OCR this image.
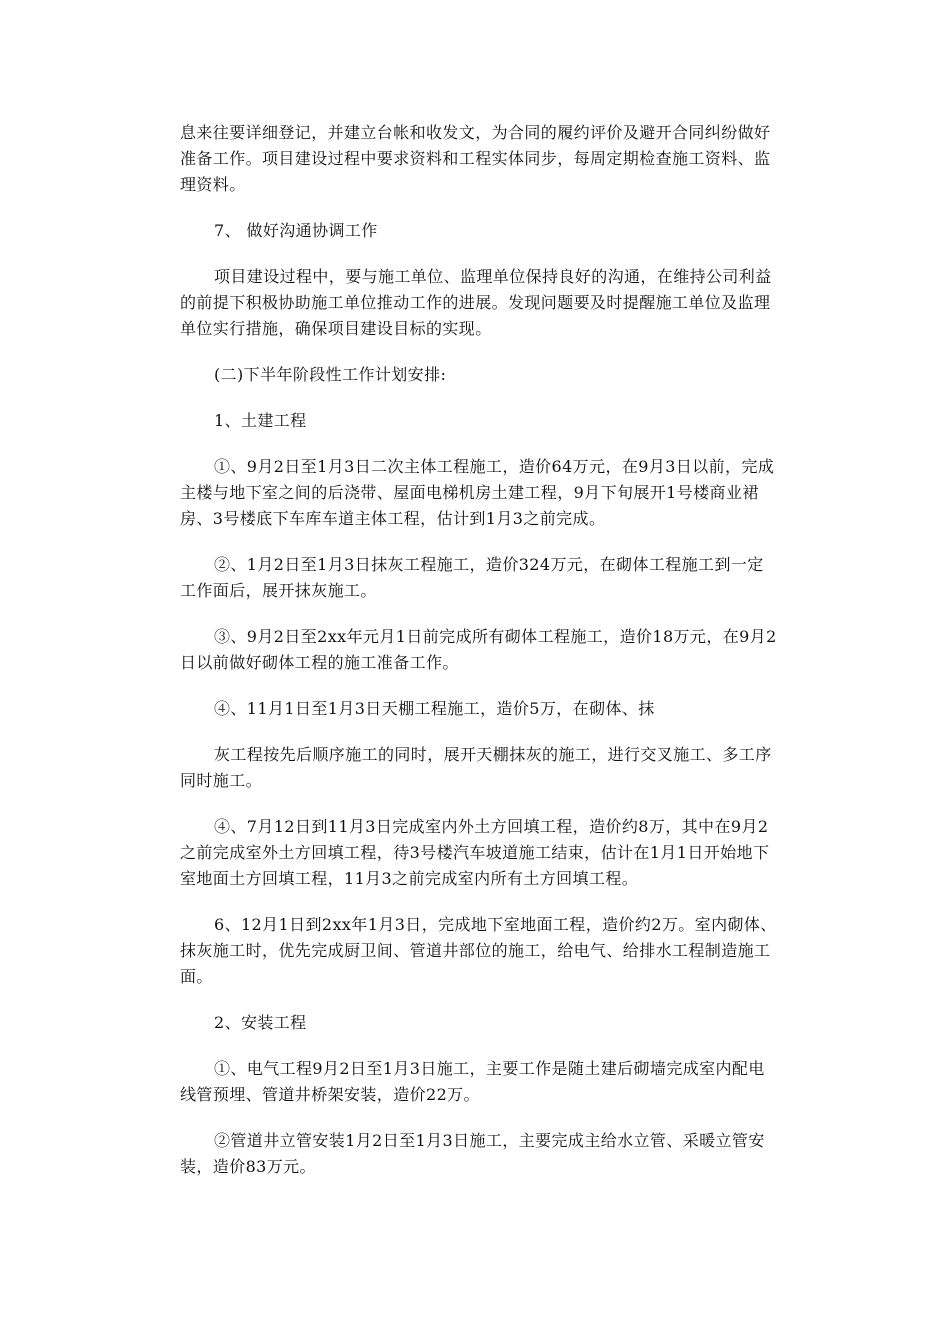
息来往要详细登记，并建立台帐和收发文，为合同的履约评价及避开合同纠纷做好准备工作。项目建设过程中要求资料和工程实体同步，每周定期检查施工资料、监理资料。

7、 做好沟通协调工作

项目建设过程中，要与施工单位、监理单位保持良好的沟通，在维持公司利益的前提下积极协助施工单位推动工作的进展。发现问题要及时提醒施工单位及监理单位实行措施，确保项目建设目标的实现。

(二)下半年阶段性工作计划安排:

1、土建工程

①、9月2日至1月3日二次主体工程施工，造价64万元，在9月3日以前，完成主楼与地下室之间的后浇带、屋面电梯机房土建工程，9月下旬展开1号楼商业裙房、3号楼底下车库车道主体工程，估计到1月3之前完成。

②、1月2日至1月3日抹灰工程施工，造价324万元，在砌体工程施工到一定工作面后，展开抹灰施工。

③、9月2日至2xx年元月1日前完成所有砌体工程施工，造价18万元，在9月2日以前做好砌体工程的施工准备工作。

④、11月1日至1月3日天棚工程施工，造价5万，在砌体、抹

灰工程按先后顺序施工的同时，展开天棚抹灰的施工，进行交叉施工、多工序同时施工。

④、7月12日到11月3日完成室内外土方回填工程，造价约8万，其中在9月2之前完成室外土方回填工程，待3号楼汽车坡道施工结束，估计在1月1日开始地下室地面土方回填工程，11月3之前完成室内所有土方回填工程。

6、12月1日到2xx年1月3日，完成地下室地面工程，造价约2万。室内砌体、抹灰施工时，优先完成厨卫间、管道井部位的施工，给电气、给排水工程制造施工面。

2、安装工程

①、电气工程9月2日至1月3日施工，主要工作是随土建后砌墙完成室内配电线管预埋、管道井桥架安装，造价22万。

②管道井立管安装1月2日至1月3日施工，主要完成主给水立管、采暖立管安装，造价83万元。
